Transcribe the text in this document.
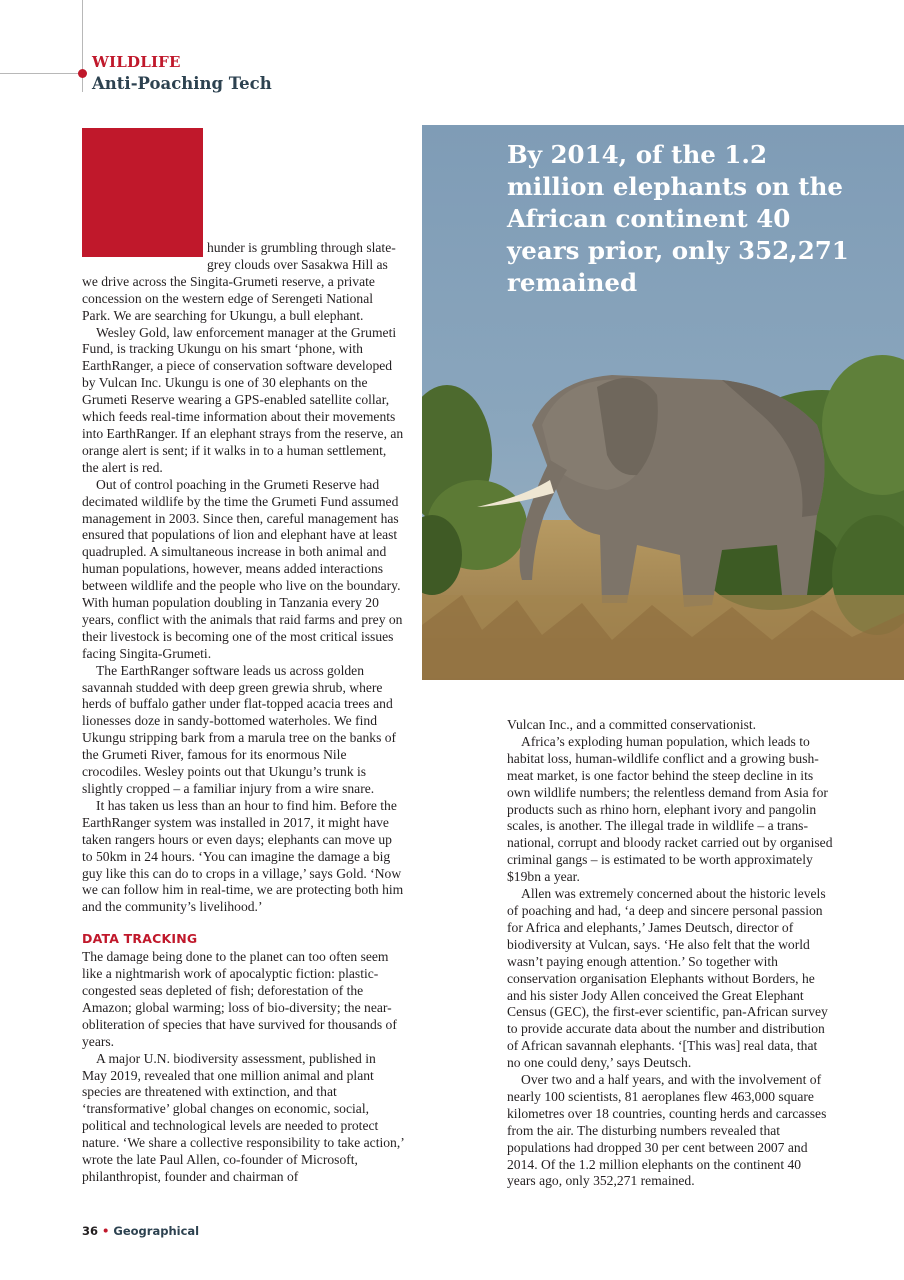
WILDLIFE
Anti-Poaching Tech

hunder is grumbling through slate-grey clouds over Sasakwa Hill as we drive across the Singita-Grumeti reserve, a private concession on the western edge of Serengeti National Park. We are searching for Ukungu, a bull elephant.

Wesley Gold, law enforcement manager at the Grumeti Fund, is tracking Ukungu on his smart ‘phone, with EarthRanger, a piece of conservation software developed by Vulcan Inc. Ukungu is one of 30 elephants on the Grumeti Reserve wearing a GPS-enabled satellite collar, which feeds real-time information about their movements into EarthRanger. If an elephant strays from the reserve, an orange alert is sent; if it walks in to a human settlement, the alert is red.

Out of control poaching in the Grumeti Reserve had decimated wildlife by the time the Grumeti Fund assumed management in 2003. Since then, careful management has ensured that populations of lion and elephant have at least quadrupled. A simultaneous increase in both animal and human populations, however, means added interactions between wildlife and the people who live on the boundary. With human population doubling in Tanzania every 20 years, conflict with the animals that raid farms and prey on their livestock is becoming one of the most critical issues facing Singita-Grumeti.

The EarthRanger software leads us across golden savannah studded with deep green grewia shrub, where herds of buffalo gather under flat-topped acacia trees and lionesses doze in sandy-bottomed waterholes. We find Ukungu stripping bark from a marula tree on the banks of the Grumeti River, famous for its enormous Nile crocodiles. Wesley points out that Ukungu’s trunk is slightly cropped – a familiar injury from a wire snare.

It has taken us less than an hour to find him. Before the EarthRanger system was installed in 2017, it might have taken rangers hours or even days; elephants can move up to 50km in 24 hours. ‘You can imagine the damage a big guy like this can do to crops in a village,’ says Gold. ‘Now we can follow him in real-time, we are protecting both him and the community’s livelihood.’

DATA TRACKING

The damage being done to the planet can too often seem like a nightmarish work of apocalyptic fiction: plastic-congested seas depleted of fish; deforestation of the Amazon; global warming; loss of bio-diversity; the near-obliteration of species that have survived for thousands of years.

A major U.N. biodiversity assessment, published in May 2019, revealed that one million animal and plant species are threatened with extinction, and that ‘transformative’ global changes on economic, social, political and technological levels are needed to protect nature. ‘We share a collective responsibility to take action,’ wrote the late Paul Allen, co-founder of Microsoft, philanthropist, founder and chairman of

By 2014, of the 1.2 million elephants on the African continent 40 years prior, only 352,271 remained

Vulcan Inc., and a committed conservationist.

Africa’s exploding human population, which leads to habitat loss, human-wildlife conflict and a growing bush-meat market, is one factor behind the steep decline in its own wildlife numbers; the relentless demand from Asia for products such as rhino horn, elephant ivory and pangolin scales, is another. The illegal trade in wildlife – a trans-national, corrupt and bloody racket carried out by organised criminal gangs – is estimated to be worth approximately $19bn a year.

Allen was extremely concerned about the historic levels of poaching and had, ‘a deep and sincere personal passion for Africa and elephants,’ James Deutsch, director of biodiversity at Vulcan, says. ‘He also felt that the world wasn’t paying enough attention.’ So together with conservation organisation Elephants without Borders, he and his sister Jody Allen conceived the Great Elephant Census (GEC), the first-ever scientific, pan-African survey to provide accurate data about the number and distribution of African savannah elephants. ‘[This was] real data, that no one could deny,’ says Deutsch.

Over two and a half years, and with the involvement of nearly 100 scientists, 81 aeroplanes flew 463,000 square kilometres over 18 countries, counting herds and carcasses from the air. The disturbing numbers revealed that populations had dropped 30 per cent between 2007 and 2014. Of the 1.2 million elephants on the continent 40 years ago, only 352,271 remained.

36 • Geographical
